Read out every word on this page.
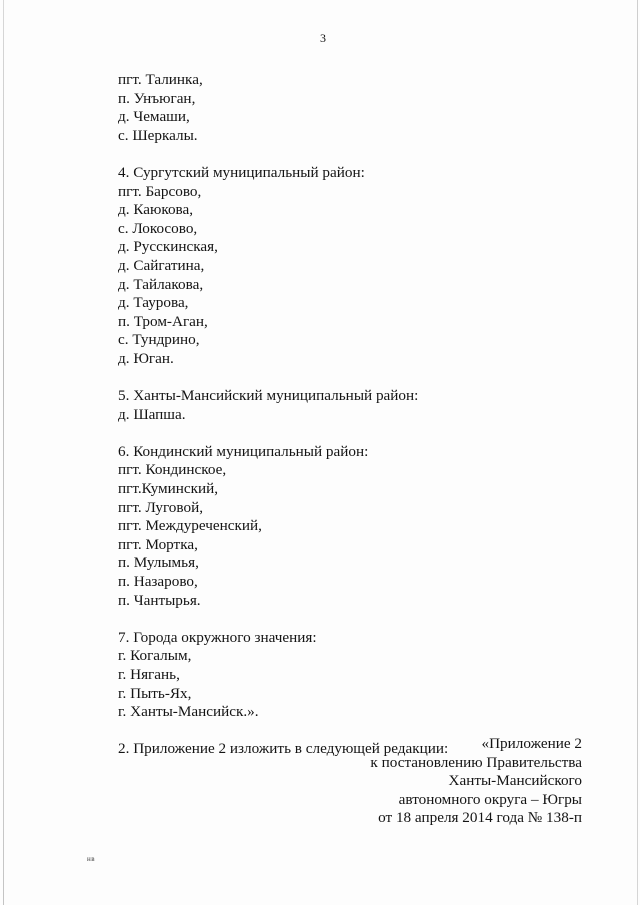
3
пгт. Талинка,
п. Унъюган,
д. Чемаши,
с. Шеркалы.
4. Сургутский муниципальный район:
пгт. Барсово,
д. Каюкова,
с. Локосово,
д. Русскинская,
д. Сайгатина,
д. Тайлакова,
д. Таурова,
п. Тром-Аган,
с. Тундрино,
д. Юган.
5. Ханты-Мансийский муниципальный район:
д. Шапша.
6. Кондинский муниципальный район:
пгт. Кондинское,
пгт.Куминский,
пгт. Луговой,
пгт. Междуреченский,
пгт. Мортка,
п. Мулымья,
п. Назарово,
п. Чантырья.
7. Города окружного значения:
г. Когалым,
г. Нягань,
г. Пыть-Ях,
г. Ханты-Мансийск.».
2. Приложение 2 изложить в следующей редакции:	«Приложение 2
к постановлению Правительства
Ханты-Мансийского
автономного округа – Югры
от 18 апреля 2014 года № 138-п
нв
